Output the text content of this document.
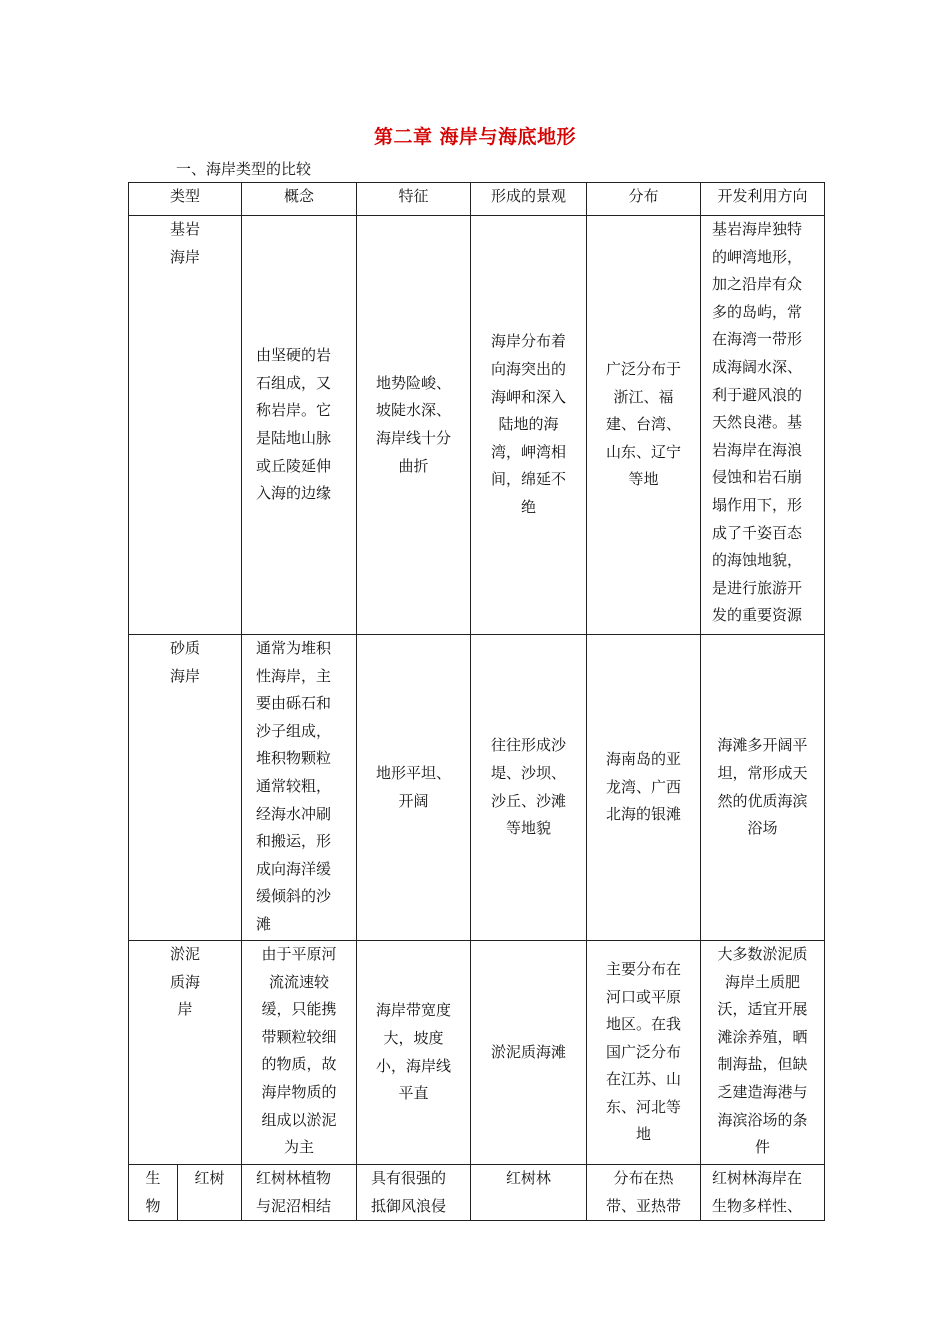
第二章 海岸与海底地形
一、海岸类型的比较
类型		概念	特征	形成的景观	分布	开发利用方向
基岩海岸		由坚硬的岩石组成，又称岩岸。它是陆地山脉或丘陵延伸入海的边缘	地势险峻、坡陡水深、海岸线十分曲折	海岸分布着向海突出的海岬和深入陆地的海湾，岬湾相间，绵延不绝	广泛分布于浙江、福建、台湾、山东、辽宁等地	基岩海岸独特的岬湾地形，加之沿岸有众多的岛屿，常在海湾一带形成海阔水深、利于避风浪的天然良港。基岩海岸在海浪侵蚀和岩石崩塌作用下，形成了千姿百态的海蚀地貌，是进行旅游开发的重要资源
砂质海岸		通常为堆积性海岸，主要由砾石和沙子组成，堆积物颗粒通常较粗，经海水冲刷和搬运，形成向海洋缓缓倾斜的沙滩	地形平坦、开阔	往往形成沙堤、沙坝、沙丘、沙滩等地貌	海南岛的亚龙湾、广西北海的银滩	海滩多开阔平坦，常形成天然的优质海滨浴场
淤泥质海岸		由于平原河流流速较缓，只能携带颗粒较细的物质，故海岸物质的组成以淤泥为主	海岸带宽度大，坡度小，海岸线平直	淤泥质海滩	主要分布在河口或平原地区。在我国广泛分布在江苏、山东、河北等地	大多数淤泥质海岸土质肥沃，适宜开展滩涂养殖，晒制海盐，但缺乏建造海港与海滨浴场的条件
生物	红树	红树林植物与泥沼相结	具有很强的抵御风浪侵	红树林	分布在热带、亚热带	红树林海岸在生物多样性、
